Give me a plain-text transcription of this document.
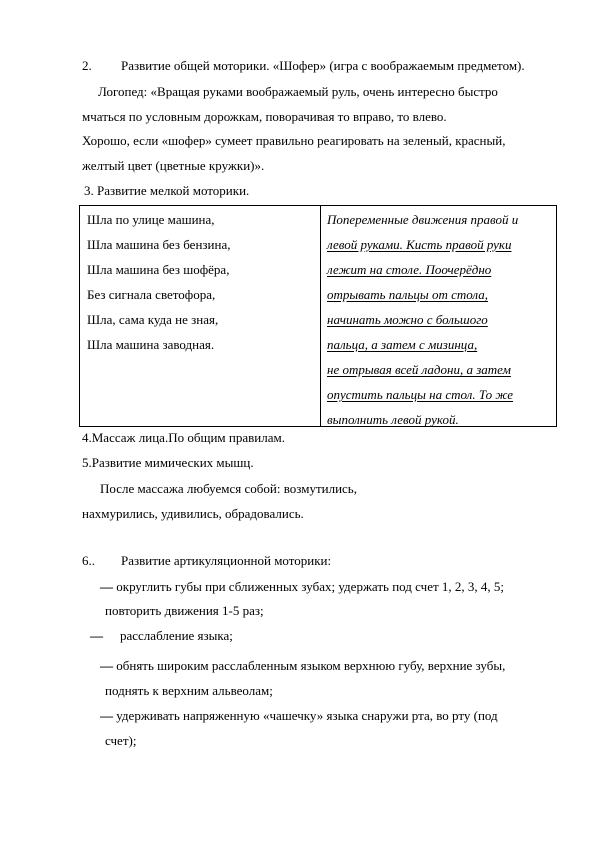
2. Развитие общей моторики. «Шофер» (игра с воображаемым предметом).
Логопед: «Вращая руками воображаемый руль, очень интересно быстро
мчаться по условным дорожкам, поворачивая то вправо, то влево.
Хорошо, если «шофер» сумеет правильно реагировать на зеленый, красный,
желтый цвет (цветные кружки)».
3. Развитие мелкой моторики.
Шла по улице машина,
Шла машина без бензина,
Шла машина без шофёра,
Без сигнала светофора,
Шла, сама куда не зная,
Шла машина заводная.
Попеременные движения правой и
левой руками. Кисть правой руки
лежит на столе. Поочерёдно
отрывать пальцы от стола,
начинать можно с большого
пальца, а затем с мизинца,
не отрывая всей ладони, а затем
опустить пальцы на стол. То же
выполнить левой рукой.
4.Массаж лица.По общим правилам.
5.Развитие мимических мышц.
После массажа любуемся собой: возмутились,
нахмурились, удивились, обрадовались.
6.. Развитие артикуляционной моторики:
— округлить губы при сближенных зубах; удержать под счет 1, 2, 3, 4, 5;
повторить движения 1-5 раз;
— расслабление языка;
— обнять широким расслабленным языком верхнюю губу, верхние зубы,
поднять к верхним альвеолам;
— удерживать напряженную «чашечку» языка снаружи рта, во рту (под
счет);
